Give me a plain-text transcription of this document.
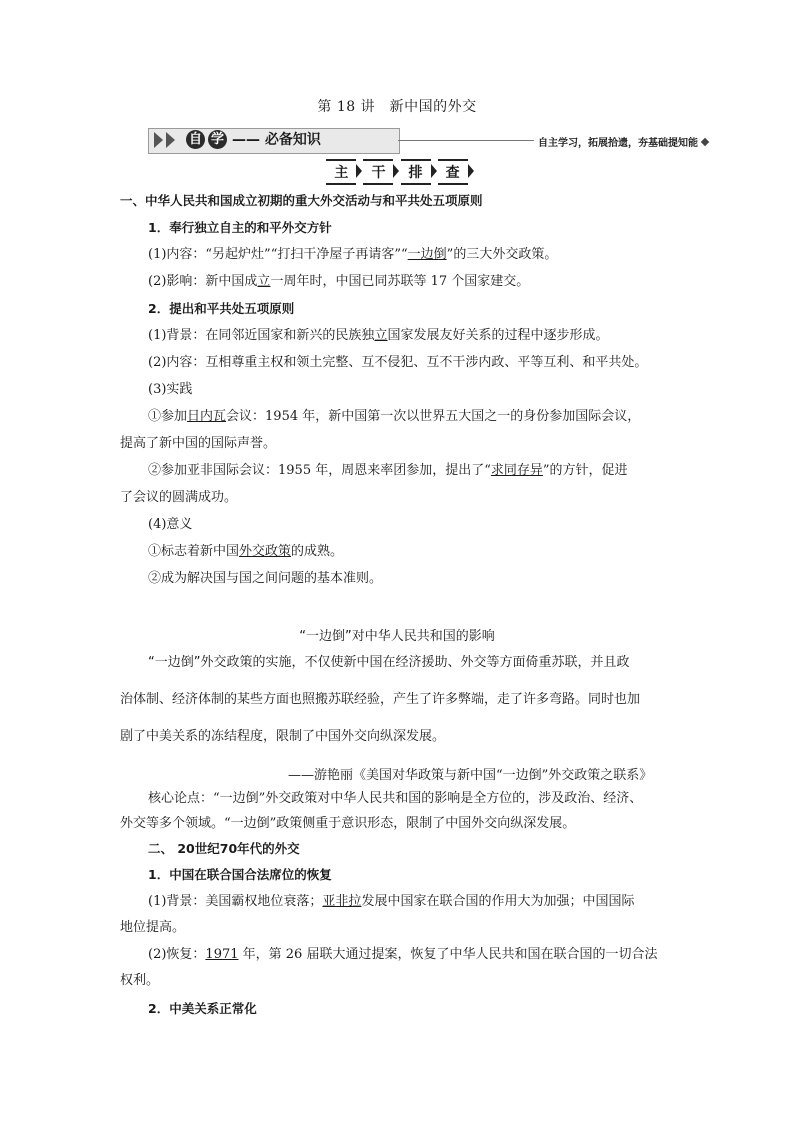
第 18 讲　新中国的外交
自 学 —— 必备知识	自主学习，拓展拾遗，夯基础提知能
主 干 排 查
一、中华人民共和国成立初期的重大外交活动与和平共处五项原则
1．奉行独立自主的和平外交方针
(1)内容：“另起炉灶”“打扫干净屋子再请客”“一边倒”的三大外交政策。
(2)影响：新中国成立一周年时，中国已同苏联等 17 个国家建交。
2．提出和平共处五项原则
(1)背景：在同邻近国家和新兴的民族独立国家发展友好关系的过程中逐步形成。
(2)内容：互相尊重主权和领土完整、互不侵犯、互不干涉内政、平等互利、和平共处。
(3)实践
①参加日内瓦会议：1954 年，新中国第一次以世界五大国之一的身份参加国际会议，
提高了新中国的国际声誉。
②参加亚非国际会议：1955 年，周恩来率团参加，提出了“求同存异”的方针，促进
了会议的圆满成功。
(4)意义
①标志着新中国外交政策的成熟。
②成为解决国与国之间问题的基本准则。
“一边倒”对中华人民共和国的影响
“一边倒”外交政策的实施，不仅使新中国在经济援助、外交等方面倚重苏联，并且政
治体制、经济体制的某些方面也照搬苏联经验，产生了许多弊端，走了许多弯路。同时也加
剧了中美关系的冻结程度，限制了中国外交向纵深发展。
——游艳丽《美国对华政策与新中国“一边倒”外交政策之联系》
核心论点：“一边倒”外交政策对中华人民共和国的影响是全方位的，涉及政治、经济、
外交等多个领域。“一边倒”政策侧重于意识形态，限制了中国外交向纵深发展。
二、 20世纪70年代的外交
1．中国在联合国合法席位的恢复
(1)背景：美国霸权地位衰落；亚非拉发展中国家在联合国的作用大为加强；中国国际
地位提高。
(2)恢复：1971 年，第 26 届联大通过提案，恢复了中华人民共和国在联合国的一切合法
权利。
2．中美关系正常化
